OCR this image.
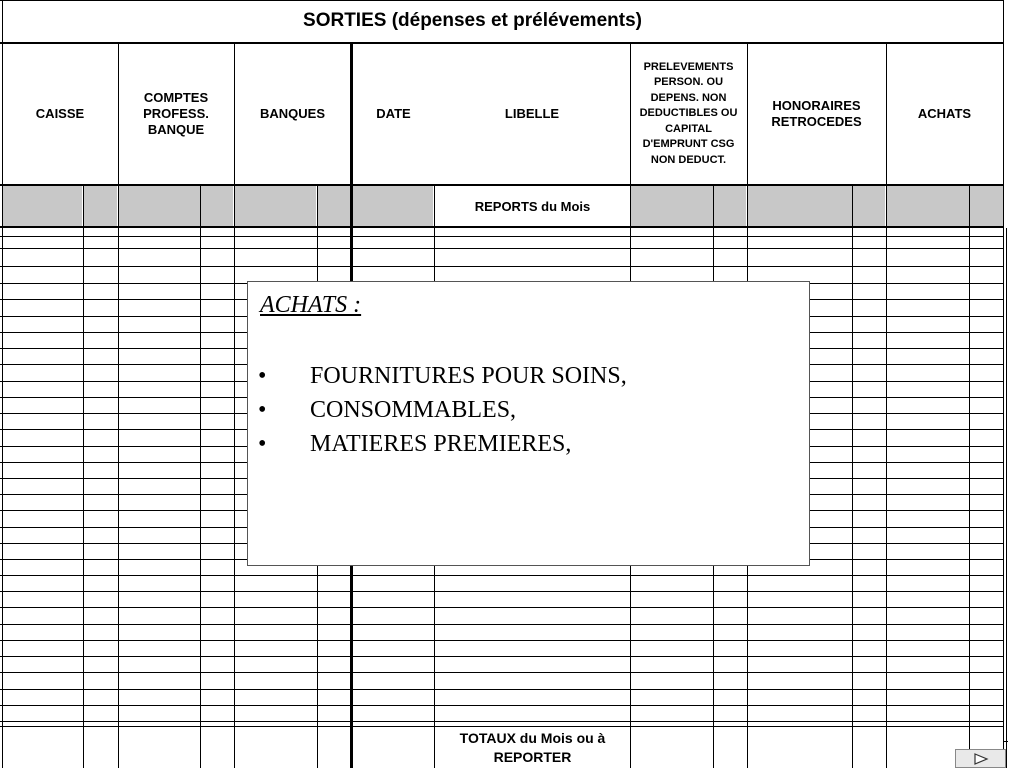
SORTIES (dépenses et prélévements)
CAISSE
COMPTES
PROFESS.
BANQUE
BANQUES	DATE	LIBELLE
PRELEVEMENTS
PERSON. OU
DEPENS. NON
DEDUCTIBLES OU
CAPITAL
D'EMPRUNT CSG
NON DEDUCT.
HONORAIRES
RETROCEDES
ACHATS
REPORTS du Mois
TOTAUX du Mois ou à
REPORTER
ACHATS :
• FOURNITURES POUR SOINS,
• CONSOMMABLES,
• MATIERES PREMIERES,
